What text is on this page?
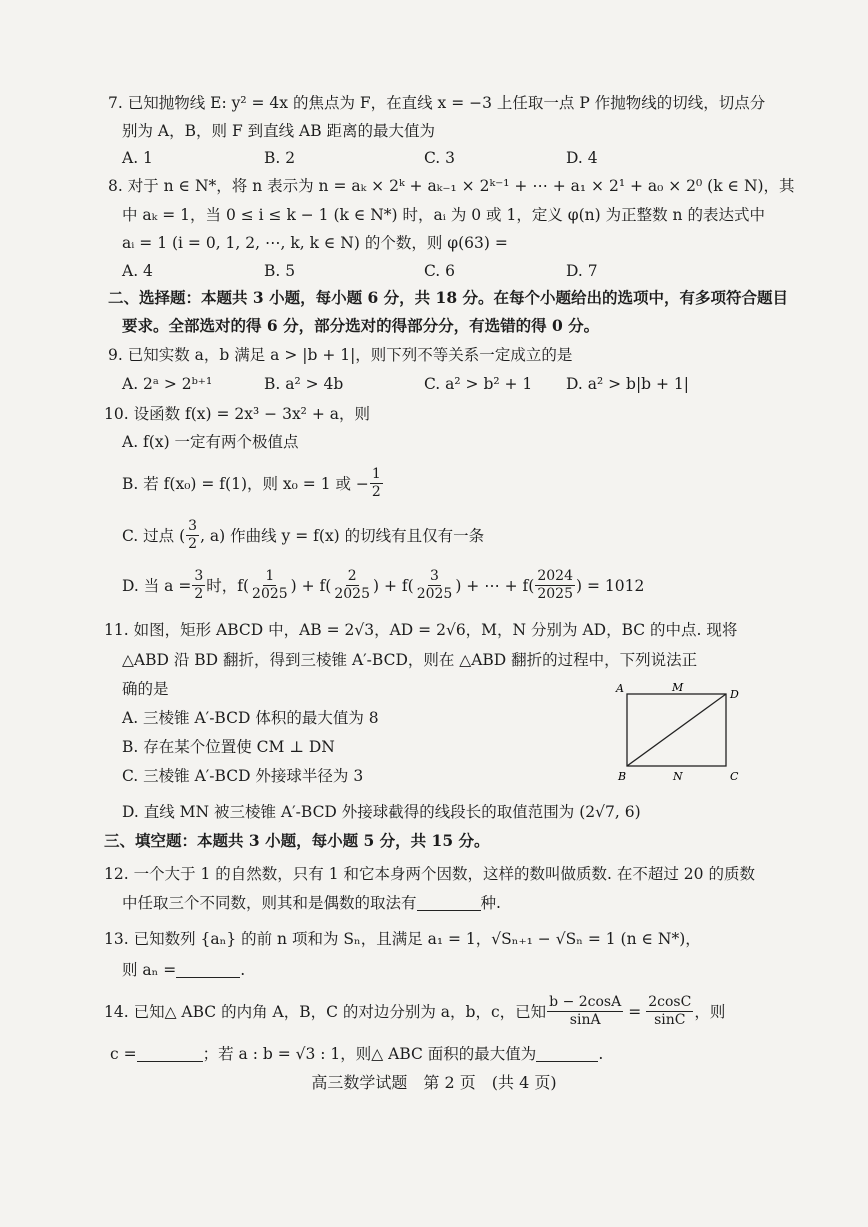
7. 已知抛物线 E: y² = 4x 的焦点为 F，在直线 x = −3 上任取一点 P 作抛物线的切线，切点分
别为 A，B，则 F 到直线 AB 距离的最大值为
A. 1	B. 2	C. 3	D. 4
8. 对于 n ∈ N*，将 n 表示为 n = aₖ × 2ᵏ + aₖ₋₁ × 2ᵏ⁻¹ + ⋯ + a₁ × 2¹ + a₀ × 2⁰ (k ∈ N)，其
中 aₖ = 1，当 0 ≤ i ≤ k − 1 (k ∈ N*) 时，aᵢ 为 0 或 1，定义 φ(n) 为正整数 n 的表达式中
aᵢ = 1 (i = 0, 1, 2, ⋯, k, k ∈ N) 的个数，则 φ(63) =
A. 4	B. 5	C. 6	D. 7
二、选择题：本题共 3 小题，每小题 6 分，共 18 分。在每个小题给出的选项中，有多项符合题目
要求。全部选对的得 6 分，部分选对的得部分分，有选错的得 0 分。
9. 已知实数 a，b 满足 a > |b + 1|，则下列不等关系一定成立的是
A. 2ᵃ > 2ᵇ⁺¹	B. a² > 4b	C. a² > b² + 1 D. a² > b|b + 1|
10. 设函数 f(x) = 2x³ − 3x² + a，则
A. f(x) 一定有两个极值点
B. 若 f(x₀) = f(1)，则 x₀ = 1 或 − $\frac{1}{2}$
C. 过点 ( $\frac{3}{2}$ , a) 作曲线 y = f(x) 的切线有且仅有一条
D. 当 $a = \frac{3}{2}$ 时，$f( \frac{1}{2025}$ ) + $f( \frac{2}{2025}$ ) + $f( \frac{3}{2025}$ ) + ⋯ + $f( \frac{2024}{2025}$ ) = 1012
11. 如图，矩形 ABCD 中，AB = 2√3，AD = 2√6，M，N 分别为 AD，BC 的中点. 现将
△ABD 沿 BD 翻折，得到三棱锥 A′-BCD，则在 △ABD 翻折的过程中，下列说法正
确的是
A. 三棱锥 A′-BCD 体积的最大值为 8
B. 存在某个位置使 CM ⊥ DN
C. 三棱锥 A′-BCD 外接球半径为 3
D. 直线 MN 被三棱锥 A′-BCD 外接球截得的线段长的取值范围为 (2√7, 6)
A	M
D
B	N	C
三、填空题：本题共 3 小题，每小题 5 分，共 15 分。
12. 一个大于 1 的自然数，只有 1 和它本身两个因数，这样的数叫做质数. 在不超过 20 的质数
中任取三个不同数，则其和是偶数的取法有	种.
13. 已知数列 {aₙ} 的前 n 项和为 Sₙ，且满足 a₁ = 1，√Sₙ₊₁ − √Sₙ = 1 (n ∈ N*)，
则 aₙ =	.
14. 已知△ ABC 的内角 A，B，C 的对边分别为 a，b，c，已知 $\frac{b - 2\cos A}{\sin A} = \frac{2\cos C}{\sin C}$ ，则
c =	；若 a : b = √3 : 1，则△ ABC 面积的最大值为	.
高三数学试题　第 2 页　(共 4 页)
